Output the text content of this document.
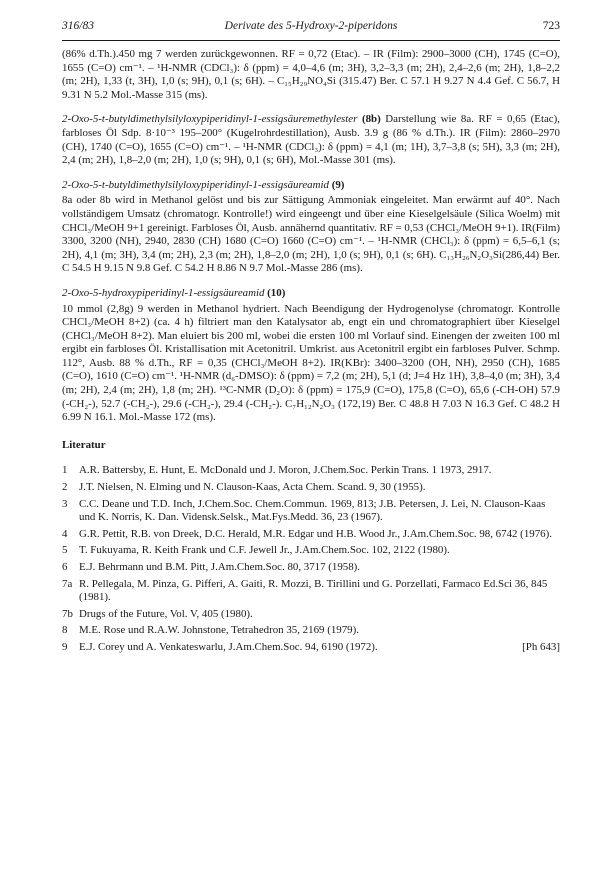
316/83	Derivate des 5-Hydroxy-2-piperidons	723

(86% d.Th.).450 mg 7 werden zurückgewonnen. RF = 0,72 (Etac). – IR (Film): 2900–3000 (CH), 1745 (C=O), 1655 (C=O) cm⁻¹. – ¹H-NMR (CDCl₃): δ (ppm) = 4,0–4,6 (m; 3H), 3,2–3,3 (m; 2H), 2,4–2,6 (m; 2H), 1,8–2,2 (m; 2H), 1,33 (t, 3H), 1,0 (s; 9H), 0,1 (s; 6H). – C₁₅H₂₉NO₄Si (315.47) Ber. C 57.1 H 9.27 N 4.4 Gef. C 56.7, H 9.31 N 5.2 Mol.-Masse 315 (ms).

2-Oxo-5-t-butyldimethylsilyloxypiperidinyl-1-essigsäuremethylester (8b) Darstellung wie 8a. RF = 0,65 (Etac), farbloses Öl Sdp. 8·10⁻³ 195–200° (Kugelrohrdestillation), Ausb. 3.9 g (86 % d.Th.). IR (Film): 2860–2970 (CH), 1740 (C=O), 1655 (C=O) cm⁻¹. – ¹H-NMR (CDCl₃): δ (ppm) = 4,1 (m; 1H), 3,7–3,8 (s; 5H), 3,3 (m; 2H), 2,4 (m; 2H), 1,8–2,0 (m; 2H), 1,0 (s; 9H), 0,1 (s; 6H), Mol.-Masse 301 (ms).

2-Oxo-5-t-butyldimethylsilyloxypiperidinyl-1-essigsäureamid (9)

8a oder 8b wird in Methanol gelöst und bis zur Sättigung Ammoniak eingeleitet. Man erwärmt auf 40°. Nach vollständigem Umsatz (chromatogr. Kontrolle!) wird eingeengt und über eine Kieselgelsäule (Silica Woelm) mit CHCl₃/MeOH 9+1 gereinigt. Farbloses Öl, Ausb. annähernd quantitativ. RF = 0,53 (CHCl₃/MeOH 9+1). IR(Film) 3300, 3200 (NH), 2940, 2830 (CH) 1680 (C=O) 1660 (C=O) cm⁻¹. – ¹H-NMR (CHCl₃): δ (ppm) = 6,5–6,1 (s; 2H), 4,1 (m; 3H), 3,4 (m; 2H), 2,3 (m; 2H), 1,8–2,0 (m; 2H), 1,0 (s; 9H), 0,1 (s; 6H). C₁₃H₂₆N₂O₃Si(286,44) Ber. C 54.5 H 9.15 N 9.8 Gef. C 54.2 H 8.86 N 9.7 Mol.-Masse 286 (ms).

2-Oxo-5-hydroxypiperidinyl-1-essigsäureamid (10)

10 mmol (2,8g) 9 werden in Methanol hydriert. Nach Beendigung der Hydrogenolyse (chromatogr. Kontrolle CHCl₃/MeOH 8+2) (ca. 4 h) filtriert man den Katalysator ab, engt ein und chromatographiert über Kieselgel (CHCl₃/MeOH 8+2). Man eluiert bis 200 ml, wobei die ersten 100 ml Vorlauf sind. Einengen der zweiten 100 ml ergibt ein farbloses Öl. Kristallisation mit Acetonitril. Umkrist. aus Acetonitril ergibt ein farbloses Pulver. Schmp. 112°, Ausb. 88 % d.Th., RF = 0,35 (CHCl₃/MeOH 8+2). IR(KBr): 3400–3200 (OH, NH), 2950 (CH), 1685 (C=O), 1610 (C=O) cm⁻¹. ¹H-NMR (d₆-DMSO): δ (ppm) = 7,2 (m; 2H), 5,1 (d; J=4 Hz 1H), 3,8–4,0 (m; 3H), 3,4 (m; 2H), 2,4 (m; 2H), 1,8 (m; 2H). ¹³C-NMR (D₂O): δ (ppm) = 175,9 (C=O), 175,8 (C=O), 65,6 (-CH-OH) 57.9 (-CH₂-), 52.7 (-CH₂-), 29.6 (-CH₂-), 29.4 (-CH₂-). C₇H₁₂N₂O₃ (172,19) Ber. C 48.8 H 7.03 N 16.3 Gef. C 48.2 H 6.99 N 16.1. Mol.-Masse 172 (ms).

Literatur
1 A.R. Battersby, E. Hunt, E. McDonald und J. Moron, J.Chem.Soc. Perkin Trans. 1 1973, 2917.
2 J.T. Nielsen, N. Elming und N. Clauson-Kaas, Acta Chem. Scand. 9, 30 (1955).
3 C.C. Deane und T.D. Inch, J.Chem.Soc. Chem.Commun. 1969, 813; J.B. Petersen, J. Lei, N. Clauson-Kaas und K. Norris, K. Dan. Vidensk.Selsk., Mat.Fys.Medd. 36, 23 (1967).
4 G.R. Pettit, R.B. von Dreek, D.C. Herald, M.R. Edgar und H.B. Wood Jr., J.Am.Chem.Soc. 98, 6742 (1976).
5 T. Fukuyama, R. Keith Frank und C.F. Jewell Jr., J.Am.Chem.Soc. 102, 2122 (1980).
6 E.J. Behrmann und B.M. Pitt, J.Am.Chem.Soc. 80, 3717 (1958).
7a R. Pellegala, M. Pinza, G. Pifferi, A. Gaiti, R. Mozzi, B. Tirillini und G. Porzellati, Farmaco Ed.Sci 36, 845 (1981).
7b Drugs of the Future, Vol. V, 405 (1980).
8 M.E. Rose und R.A.W. Johnstone, Tetrahedron 35, 2169 (1979).
9 E.J. Corey und A. Venkateswarlu, J.Am.Chem.Soc. 94, 6190 (1972).	[Ph 643]
